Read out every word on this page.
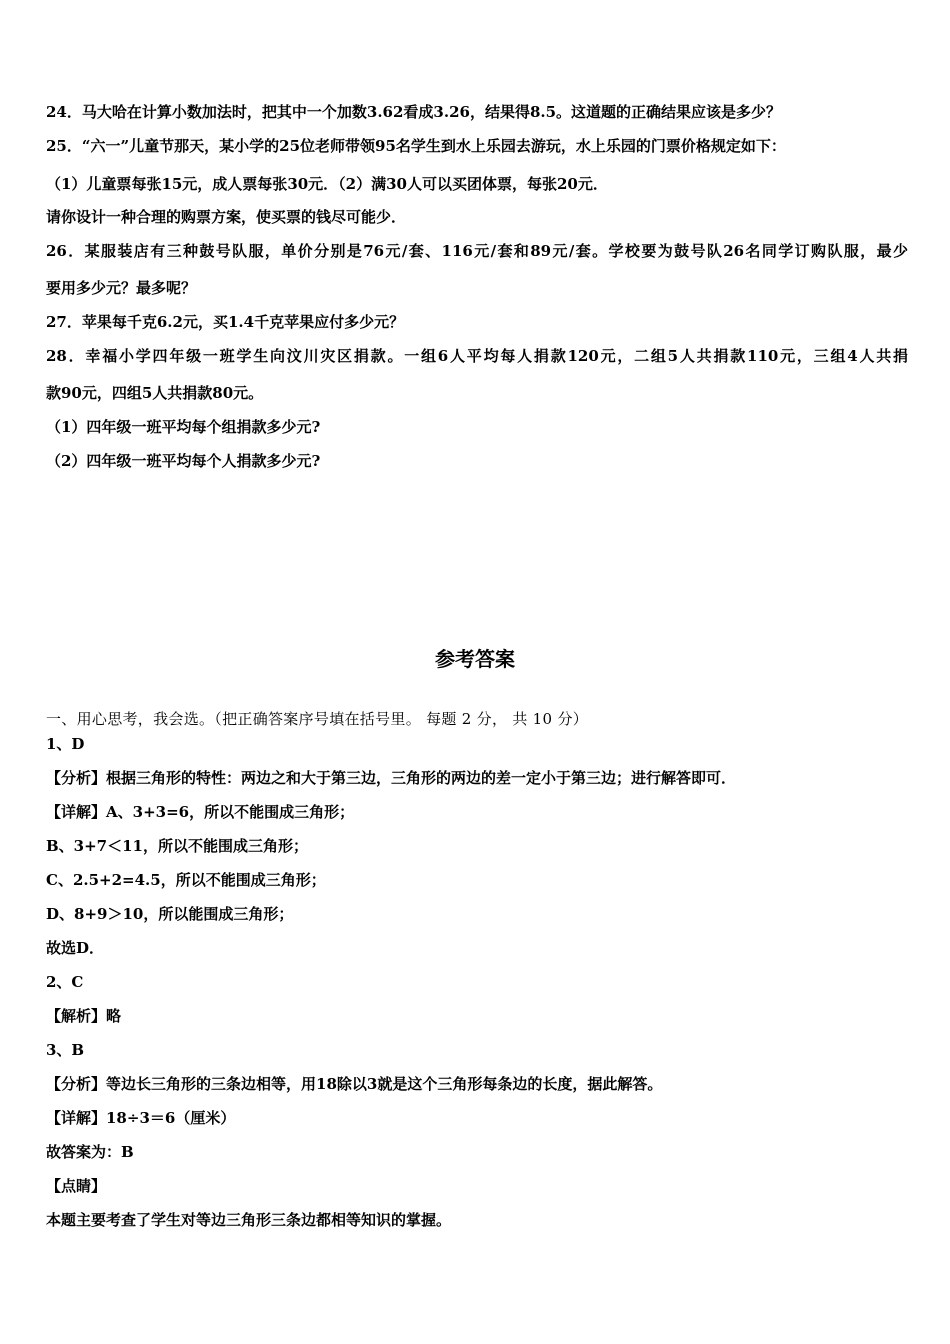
24．马大哈在计算小数加法时，把其中一个加数3.62看成3.26，结果得8.5。这道题的正确结果应该是多少？
25．“六一”儿童节那天，某小学的25位老师带领95名学生到水上乐园去游玩，水上乐园的门票价格规定如下：
（1）儿童票每张15元，成人票每张30元．（2）满30人可以买团体票，每张20元．
请你设计一种合理的购票方案，使买票的钱尽可能少．
26．某服装店有三种鼓号队服，单价分别是76元/套、116元/套和89元/套。学校要为鼓号队26名同学订购队服，最少
要用多少元？最多呢？
27．苹果每千克6.2元，买1.4千克苹果应付多少元？
28．幸福小学四年级一班学生向汶川灾区捐款。一组6人平均每人捐款120元，二组5人共捐款110元，三组4人共捐
款90元，四组5人共捐款80元。
（1）四年级一班平均每个组捐款多少元?
（2）四年级一班平均每个人捐款多少元?
参考答案
一、用心思考，我会选。（把正确答案序号填在括号里。 每题 2 分， 共 10 分）
1、D
【分析】根据三角形的特性：两边之和大于第三边，三角形的两边的差一定小于第三边；进行解答即可．
【详解】A、3+3=6，所以不能围成三角形；
B、3+7＜11，所以不能围成三角形；
C、2.5+2=4.5，所以不能围成三角形；
D、8+9＞10，所以能围成三角形；
故选D．
2、C
【解析】略
3、B
【分析】等边长三角形的三条边相等，用18除以3就是这个三角形每条边的长度，据此解答。
【详解】18÷3＝6（厘米）
故答案为：B
【点睛】
本题主要考查了学生对等边三角形三条边都相等知识的掌握。
